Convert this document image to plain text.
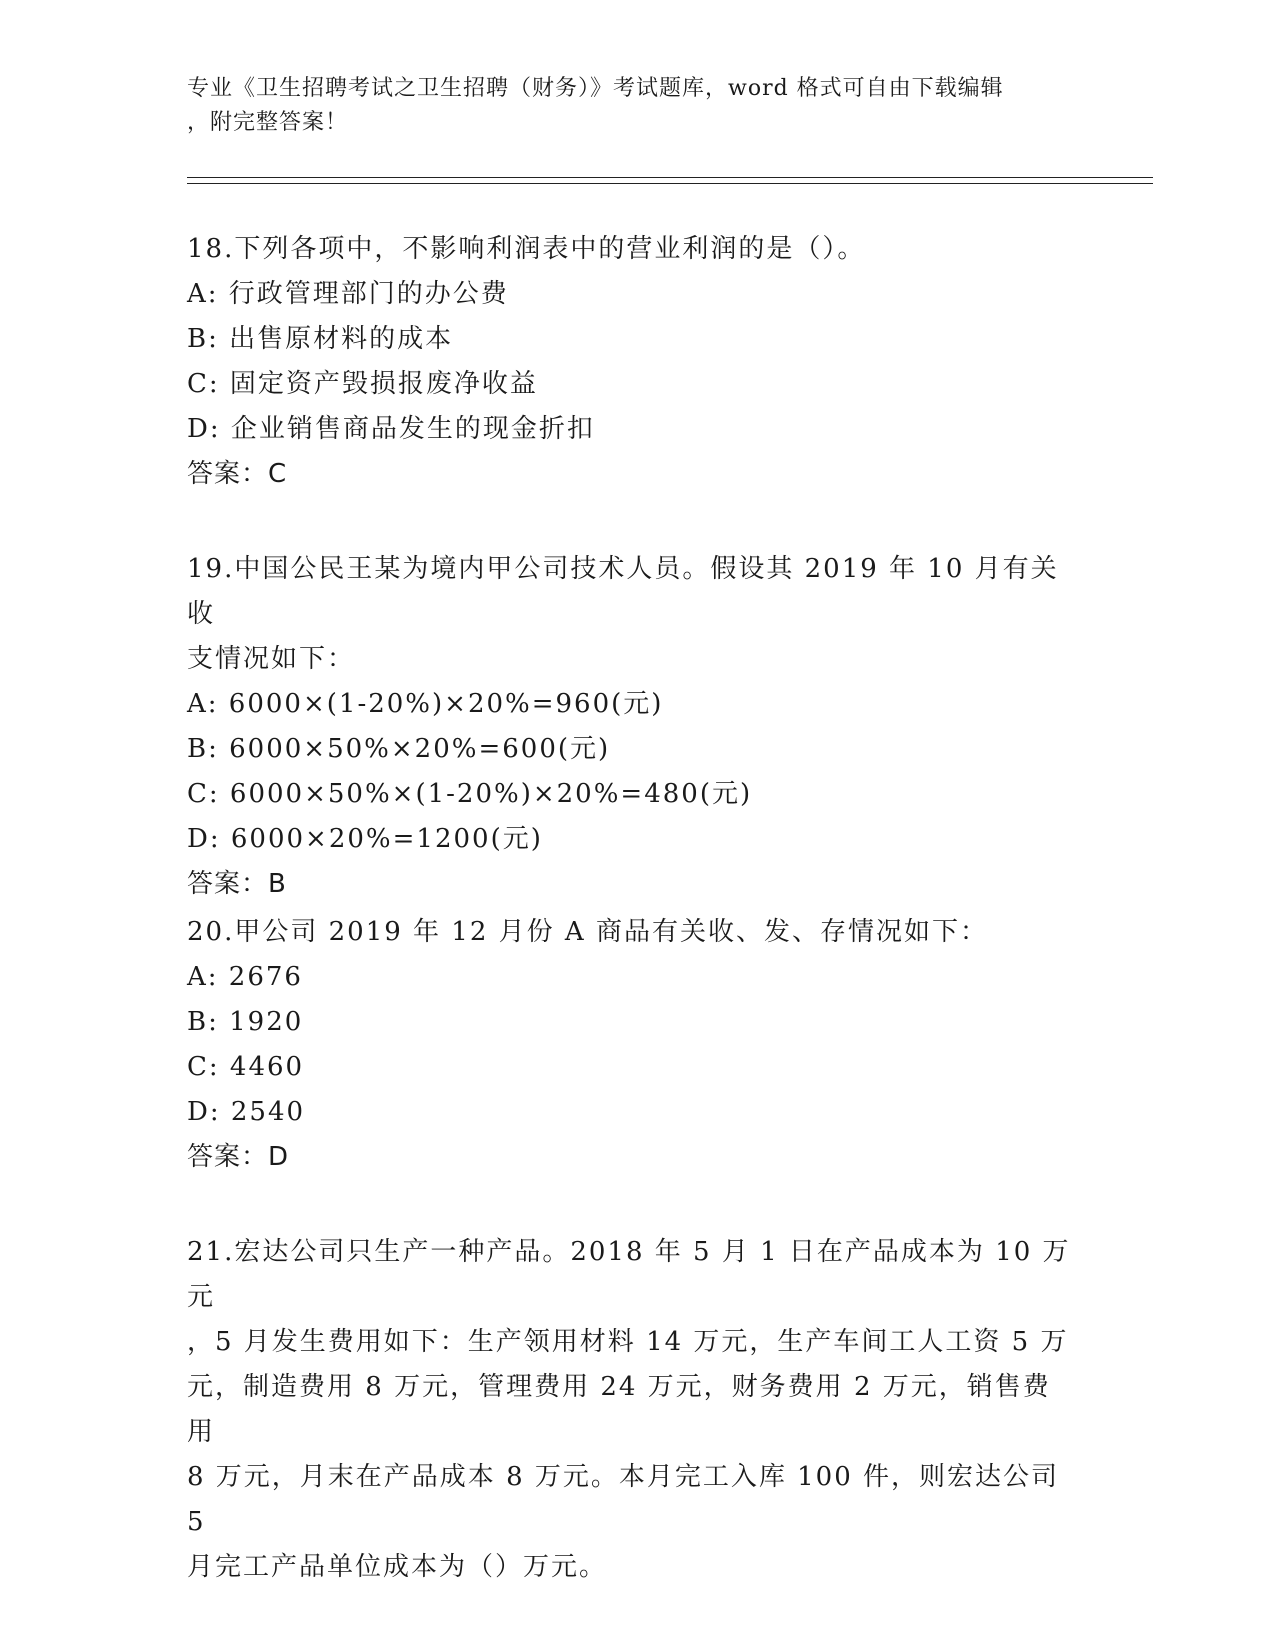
专业《卫生招聘考试之卫生招聘（财务）》考试题库，word 格式可自由下载编辑
，附完整答案！

18.下列各项中，不影响利润表中的营业利润的是（）。

A: 行政管理部门的办公费

B: 出售原材料的成本

C: 固定资产毁损报废净收益

D: 企业销售商品发生的现金折扣

答案：C

19.中国公民王某为境内甲公司技术人员。假设其 2019 年 10 月有关收

支情况如下：

A: 6000×(1-20%)×20%=960(元)

B: 6000×50%×20%=600(元)

C: 6000×50%×(1-20%)×20%=480(元)

D: 6000×20%=1200(元)

答案：B

20.甲公司 2019 年 12 月份 A 商品有关收、发、存情况如下：

A: 2676

B: 1920

C: 4460

D: 2540

答案：D

21.宏达公司只生产一种产品。2018 年 5 月 1 日在产品成本为 10 万元

，5 月发生费用如下：生产领用材料 14 万元，生产车间工人工资 5 万

元，制造费用 8 万元，管理费用 24 万元，财务费用 2 万元，销售费用

8 万元，月末在产品成本 8 万元。本月完工入库 100 件，则宏达公司 5

月完工产品单位成本为（）万元。
